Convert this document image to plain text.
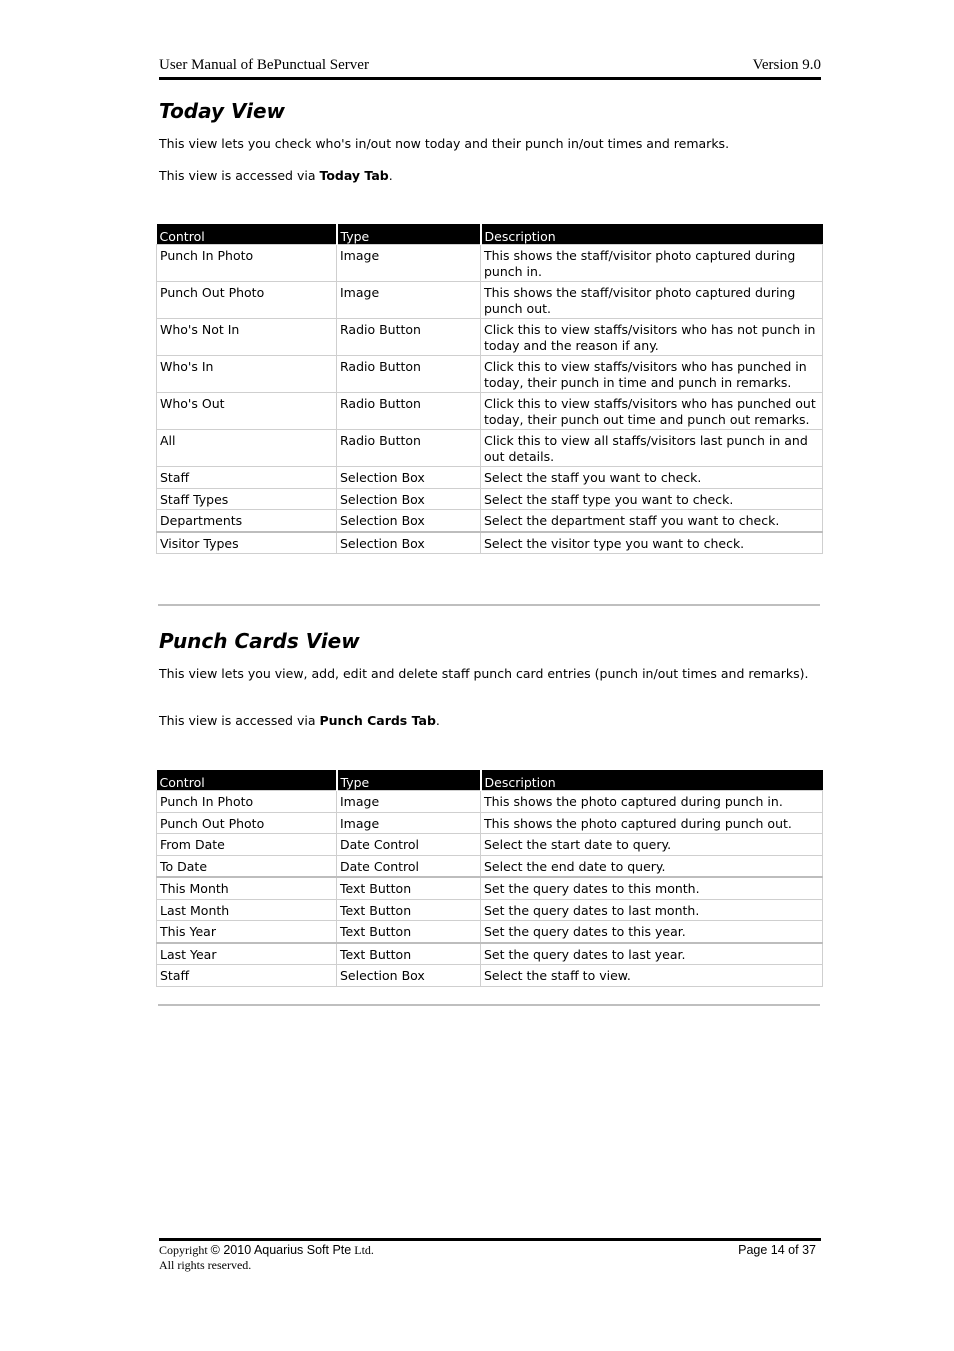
User Manual of BePunctual Server	Version 9.0
Today View

This view lets you check who's in/out now today and their punch in/out times and remarks.

This view is accessed via Today Tab.

Control	Type	Description
Punch In Photo	Image	This shows the staff/visitor photo captured during punch in.
Punch Out Photo	Image	This shows the staff/visitor photo captured during punch out.
Who's Not In	Radio Button	Click this to view staffs/visitors who has not punch in today and the reason if any.
Who's In	Radio Button	Click this to view staffs/visitors who has punched in today, their punch in time and punch in remarks.
Who's Out	Radio Button	Click this to view staffs/visitors who has punched out today, their punch out time and punch out remarks.
All	Radio Button	Click this to view all staffs/visitors last punch in and out details.
Staff	Selection Box	Select the staff you want to check.
Staff Types	Selection Box	Select the staff type you want to check.
Departments	Selection Box	Select the department staff you want to check.
Visitor Types	Selection Box	Select the visitor type you want to check.
Punch Cards View

This view lets you view, add, edit and delete staff punch card entries (punch in/out times and remarks).

This view is accessed via Punch Cards Tab.

Control	Type	Description
Punch In Photo	Image	This shows the photo captured during punch in.
Punch Out Photo	Image	This shows the photo captured during punch out.
From Date	Date Control	Select the start date to query.
To Date	Date Control	Select the end date to query.
This Month	Text Button	Set the query dates to this month.
Last Month	Text Button	Set the query dates to last month.
This Year	Text Button	Set the query dates to this year.
Last Year	Text Button	Set the query dates to last year.
Staff	Selection Box	Select the staff to view.
Copyright © 2010 Aquarius Soft Pte Ltd.
All rights reserved.
Page 14 of 37
